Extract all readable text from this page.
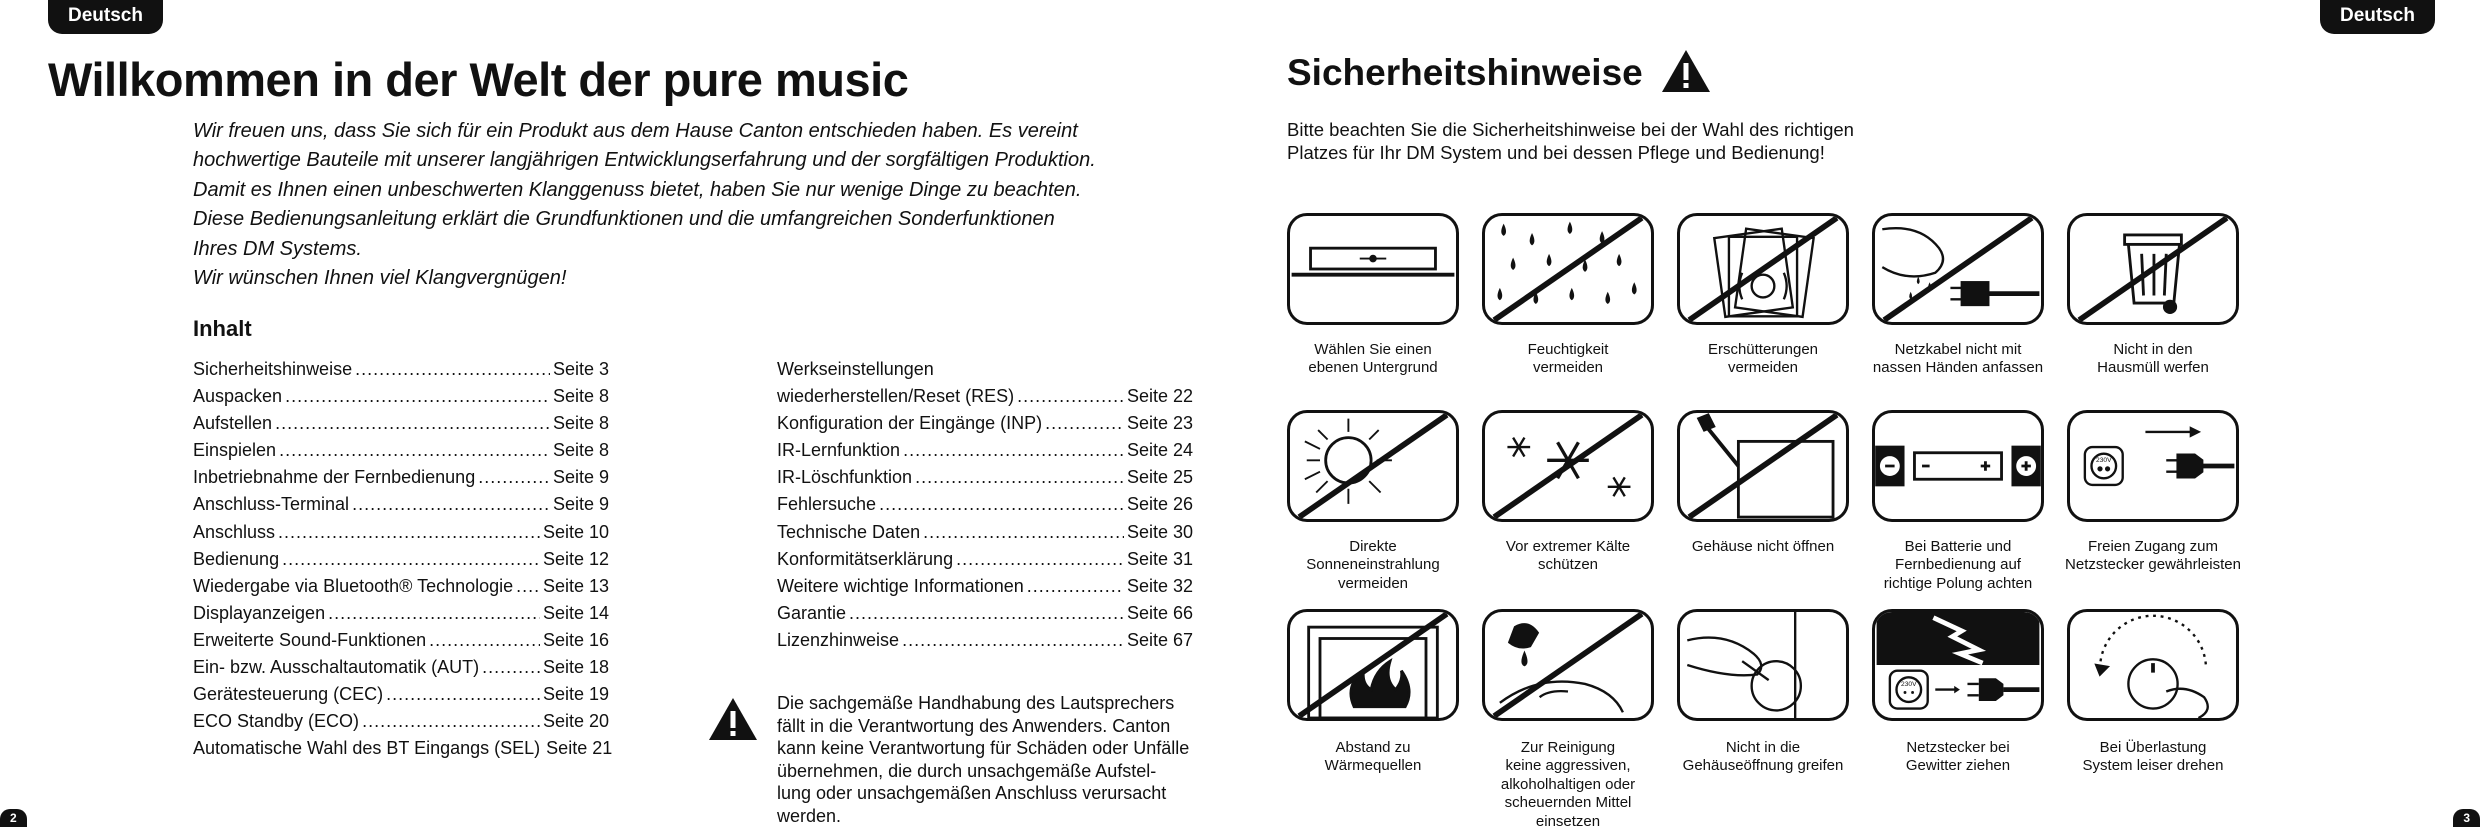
Deutsch	Deutsch
2	3
Willkommen in der Welt der pure music
Wir freuen uns, dass Sie sich für ein Produkt aus dem Hause Canton entschieden haben. Es vereint
hochwertige Bauteile mit unserer langjährigen Entwicklungserfahrung und der sorgfältigen Produktion.
Damit es Ihnen einen unbeschwerten Klanggenuss bietet, haben Sie nur wenige Dinge zu beachten.
Diese Bedienungsanleitung erklärt die Grundfunktionen und die umfangreichen Sonderfunktionen
Ihres DM Systems.
Wir wünschen Ihnen viel Klangvergnügen!
Inhalt
Sicherheitshinweise .....	Seite 3
Auspacken .....	Seite 8
Aufstellen .....	Seite 8
Einspielen .....	Seite 8
Inbetriebnahme der Fernbedienung .....	Seite 9
Anschluss-Terminal .....	Seite 9
Anschluss .....	Seite 10
Bedienung .....	Seite 12
Wiedergabe via Bluetooth® Technologie ..... Seite 13
Displayanzeigen .....	Seite 14
Erweiterte Sound-Funktionen .....	Seite 16
Ein- bzw. Ausschaltautomatik (AUT) .....	Seite 18
Gerätesteuerung (CEC) .....	Seite 19
ECO Standby (ECO) .....	Seite 20
Automatische Wahl des BT Eingangs (SEL) Seite 21
Werkseinstellungen
wiederherstellen/Reset (RES) .....	Seite 22
Konfiguration der Eingänge (INP) .....	Seite 23
IR-Lernfunktion .....	Seite 24
IR-Löschfunktion .....	Seite 25
Fehlersuche .....	Seite 26
Technische Daten .....	Seite 30
Konformitätserklärung .....	Seite 31
Weitere wichtige Informationen .....	Seite 32
Garantie .....	Seite 66
Lizenzhinweise .....	Seite 67
Die sachgemäße Handhabung des Lautsprechers
fällt in die Verantwortung des Anwenders. Canton
kann keine Verantwortung für Schäden oder Unfälle
übernehmen, die durch unsachgemäße Aufstel-
lung oder unsachgemäßen Anschluss verursacht
werden.
Sicherheitshinweise
Bitte beachten Sie die Sicherheitshinweise bei der Wahl des richtigen
Platzes für Ihr DM System und bei dessen Pflege und Bedienung!
Wählen Sie einen
ebenen Untergrund
Feuchtigkeit
vermeiden
Erschütterungen
vermeiden
Netzkabel nicht mit
nassen Händen anfassen
Nicht in den
Hausmüll werfen
230V
Direkte
Sonneneinstrahlung
vermeiden
Vor extremer Kälte
schützen
Gehäuse nicht öffnen	Bei Batterie und
Fernbedienung auf
richtige Polung achten
Freien Zugang zum
Netzstecker gewährleisten
230V
Abstand zu
Wärmequellen
Zur Reinigung
keine aggressiven,
alkoholhaltigen oder
scheuernden Mittel
einsetzen
Nicht in die
Gehäuseöffnung greifen
Netzstecker bei
Gewitter ziehen
Bei Überlastung
System leiser drehen
